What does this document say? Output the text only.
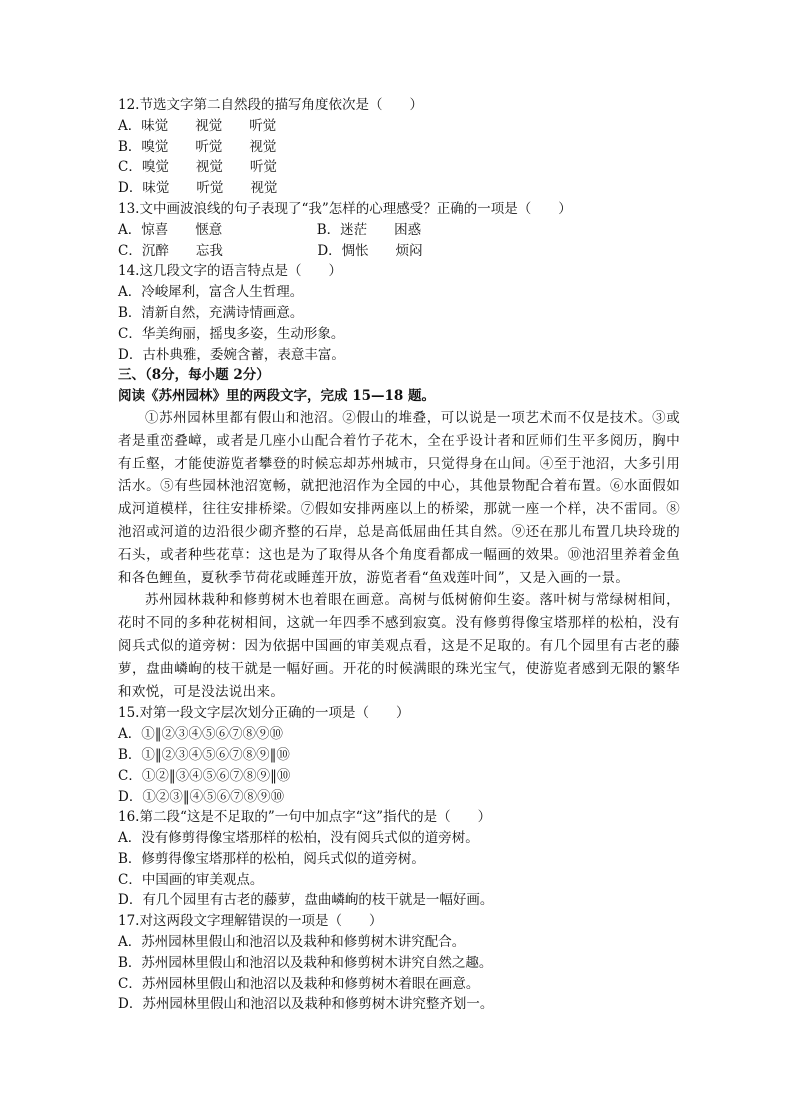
12.节选文字第二自然段的描写角度依次是（　　）
A．味觉　　视觉　　听觉
B．嗅觉　　听觉　　视觉
C．嗅觉　　视觉　　听觉
D．味觉　　听觉　　视觉
13.文中画波浪线的句子表现了“我”怎样的心理感受？正确的一项是（　　）
A．惊喜　　惬意　　　　　　　B．迷茫　　困惑
C．沉醉　　忘我　　　　　　　D．惆怅　　烦闷
14.这几段文字的语言特点是（　　）
A．冷峻犀利，富含人生哲理。
B．清新自然，充满诗情画意。
C．华美绚丽，摇曳多姿，生动形象。
D．古朴典雅，委婉含蓄，表意丰富。
三、（8分，每小题 2分）
阅读《苏州园林》里的两段文字，完成 15—18 题。
①苏州园林里都有假山和池沼。②假山的堆叠，可以说是一项艺术而不仅是技术。③或者是重峦叠嶂，或者是几座小山配合着竹子花木，全在乎设计者和匠师们生平多阅历，胸中有丘壑，才能使游览者攀登的时候忘却苏州城市，只觉得身在山间。④至于池沼，大多引用活水。⑤有些园林池沼宽畅，就把池沼作为全园的中心，其他景物配合着布置。⑥水面假如成河道模样，往往安排桥梁。⑦假如安排两座以上的桥梁，那就一座一个样，决不雷同。⑧池沼或河道的边沿很少砌齐整的石岸，总是高低屈曲任其自然。⑨还在那儿布置几块玲珑的石头，或者种些花草：这也是为了取得从各个角度看都成一幅画的效果。⑩池沼里养着金鱼和各色鲤鱼，夏秋季节荷花或睡莲开放，游览者看“鱼戏莲叶间”，又是入画的一景。
苏州园林栽种和修剪树木也着眼在画意。高树与低树俯仰生姿。落叶树与常绿树相间，花时不同的多种花树相间，这就一年四季不感到寂寞。没有修剪得像宝塔那样的松柏，没有阅兵式似的道旁树：因为依据中国画的审美观点看，这是不足取的。有几个园里有古老的藤萝，盘曲嶙峋的枝干就是一幅好画。开花的时候满眼的珠光宝气，使游览者感到无限的繁华和欢悦，可是没法说出来。
15.对第一段文字层次划分正确的一项是（　　）
A．①‖②③④⑤⑥⑦⑧⑨⑩
B．①‖②③④⑤⑥⑦⑧⑨‖⑩
C．①②‖③④⑤⑥⑦⑧⑨‖⑩
D．①②③‖④⑤⑥⑦⑧⑨⑩
16.第二段“这是不足取的”一句中加点字“这”指代的是（　　）
A．没有修剪得像宝塔那样的松柏，没有阅兵式似的道旁树。
B．修剪得像宝塔那样的松柏，阅兵式似的道旁树。
C．中国画的审美观点。
D．有几个园里有古老的藤萝，盘曲嶙峋的枝干就是一幅好画。
17.对这两段文字理解错误的一项是（　　）
A．苏州园林里假山和池沼以及栽种和修剪树木讲究配合。
B．苏州园林里假山和池沼以及栽种和修剪树木讲究自然之趣。
C．苏州园林里假山和池沼以及栽种和修剪树木着眼在画意。
D．苏州园林里假山和池沼以及栽种和修剪树木讲究整齐划一。
